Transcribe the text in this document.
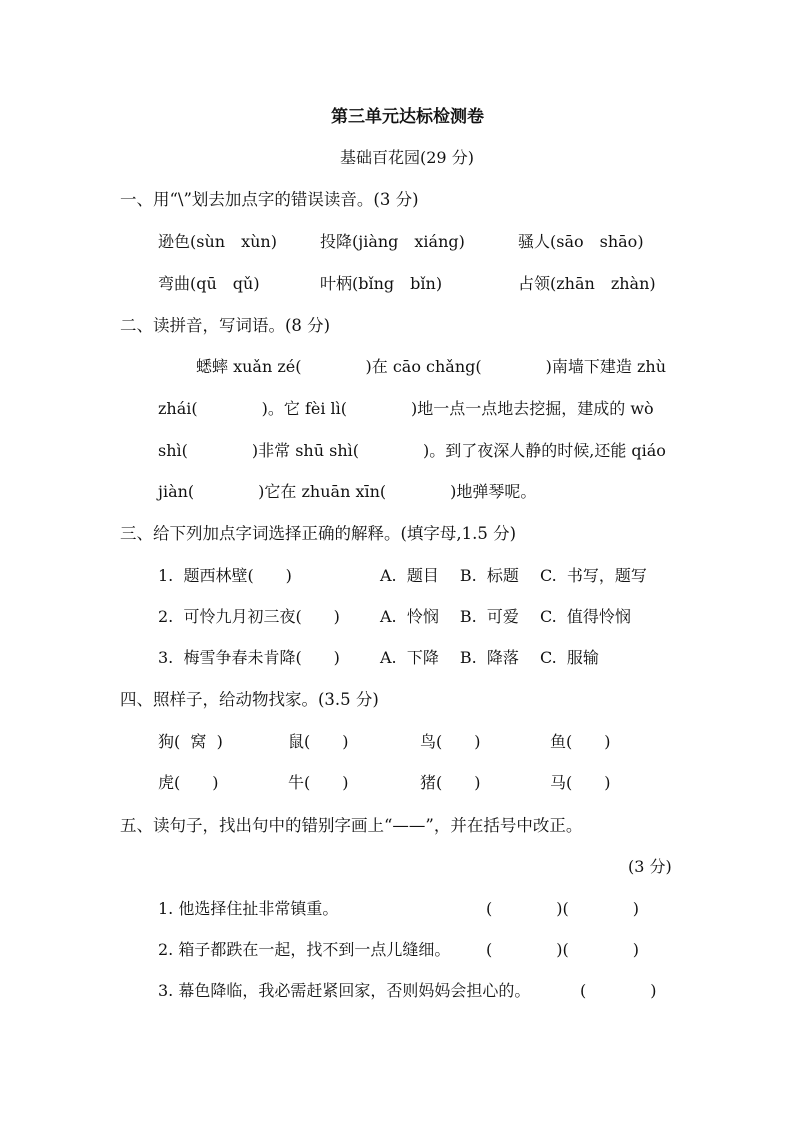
第三单元达标检测卷
基础百花园(29 分)
一、用“\”划去加点字的错误读音。(3 分)
逊色(sùn　xùn)	投降(jiàng　xiáng)	骚人(sāo　shāo)
弯曲(qū　qǔ)	叶柄(bǐng　bǐn)	占领(zhān　zhàn)
二、读拼音，写词语。(8 分)
蟋蟀 xuǎn zé(　　　　)在 cāo chǎng(　　　　)南墙下建造 zhù
zhái(　　　　)。它 fèi lì(　　　　)地一点一点地去挖掘，建成的 wò
shì(　　　　)非常 shū shì(　　　　)。到了夜深人静的时候,还能 qiáo
jiàn(　　　　)它在 zhuān xīn(　　　　)地弹琴呢。
三、给下列加点字词选择正确的解释。(填字母,1.5 分)
1.  题西林壁(　　)	A.  题目　 B.  标题　 C.  书写，题写
2.  可怜九月初三夜(　　)	A.  怜悯　 B.  可爱　 C.  值得怜悯
3.  梅雪争春未肯降(　　)	A.  下降　 B.  降落　 C.  服输
四、照样子，给动物找家。(3.5 分)
狗(  窝  )	鼠(　　)	鸟(　　)	鱼(　　)
虎(　　)	牛(　　)	猪(　　)	马(　　)
五、读句子，找出句中的错别字画上“——”，并在括号中改正。
(3 分)
1. 他选择住扯非常镇重。	(　　　　)(　　　　)
2. 箱子都跌在一起，找不到一点儿缝细。 (　　　　)(　　　　)
3. 幕色降临，我必需赶紧回家，否则妈妈会担心的。	(　　　　)
